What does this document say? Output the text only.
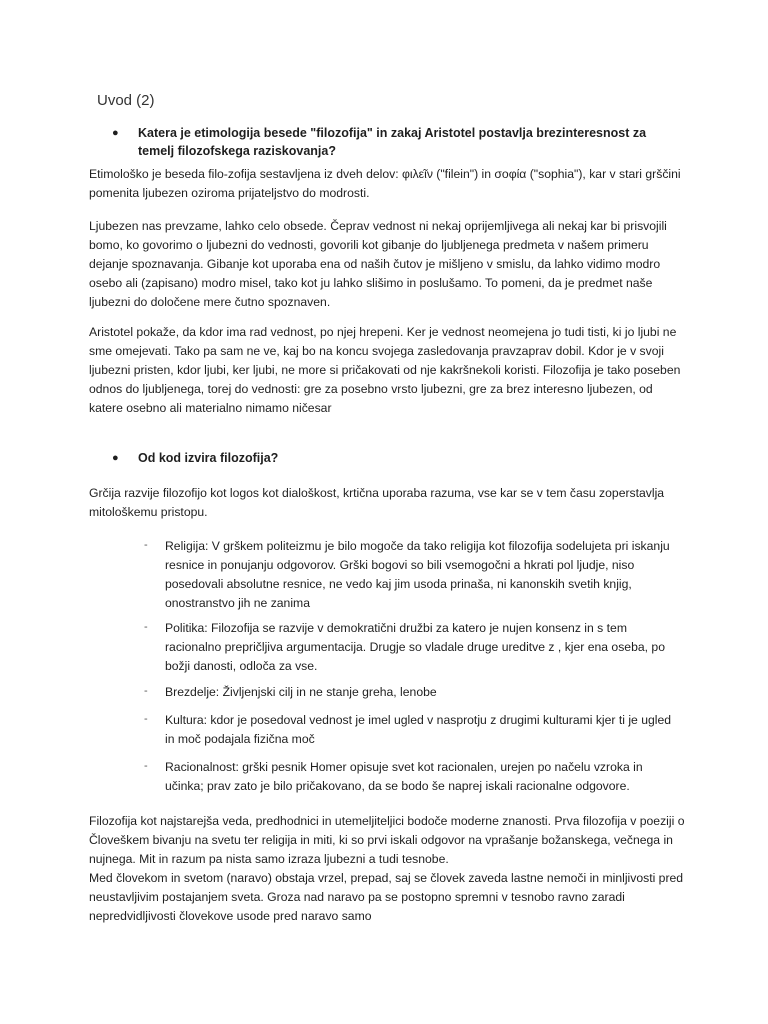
Uvod (2)
● Katera je etimologija besede "filozofija" in zakaj Aristotel postavlja brezinteresnost za temelj filozofskega raziskovanja?

Etimološko je beseda filo-zofija sestavljena iz dveh delov: φιλεῖν ("filein") in σοφία ("sophia"), kar v stari grščini pomenita ljubezen oziroma prijateljstvo do modrosti.

Ljubezen nas prevzame, lahko celo obsede. Čeprav vednost ni nekaj oprijemljivega ali nekaj kar bi prisvojili bomo, ko govorimo o ljubezni do vednosti, govorili kot gibanje do ljubljenega predmeta v našem primeru dejanje spoznavanja. Gibanje kot uporaba ena od naših čutov je mišljeno v smislu, da lahko vidimo modro osebo ali (zapisano) modro misel, tako kot ju lahko slišimo in poslušamo. To pomeni, da je predmet naše ljubezni do določene mere čutno spoznaven.

Aristotel pokaže, da kdor ima rad vednost, po njej hrepeni. Ker je vednost neomejena jo tudi tisti, ki jo ljubi ne sme omejevati. Tako pa sam ne ve, kaj bo na koncu svojega zasledovanja pravzaprav dobil. Kdor je v svoji ljubezni pristen, kdor ljubi, ker ljubi, ne more si pričakovati od nje kakršnekoli koristi. Filozofija je tako poseben odnos do ljubljenega, torej do vednosti: gre za posebno vrsto ljubezni, gre za brez interesno ljubezen, od katere osebno ali materialno nimamo ničesar

● Od kod izvira filozofija?

Grčija razvije filozofijo kot logos kot dialoškost, krtična uporaba razuma, vse kar se v tem času zoperstavlja mitološkemu pristopu.

- Religija: V grškem politeizmu je bilo mogoče da tako religija kot filozofija sodelujeta pri iskanju resnice in ponujanju odgovorov. Grški bogovi so bili vsemogočni a hkrati pol ljudje, niso posedovali absolutne resnice, ne vedo kaj jim usoda prinaša, ni kanonskih svetih knjig, onostranstvo jih ne zanima
- Politika: Filozofija se razvije v demokratični družbi za katero je nujen konsenz in s tem racionalno prepričljiva argumentacija. Drugje so vladale druge ureditve z , kjer ena oseba, po božji danosti, odloča za vse.
- Brezdelje: Življenjski cilj in ne stanje greha, lenobe
- Kultura: kdor je posedoval vednost je imel ugled v nasprotju z drugimi kulturami kjer ti je ugled in moč podajala fizična moč
- Racionalnost: grški pesnik Homer opisuje svet kot racionalen, urejen po načelu vzroka in učinka; prav zato je bilo pričakovano, da se bodo še naprej iskali racionalne odgovore.

Filozofija kot najstarejša veda, predhodnici in utemeljiteljici bodoče moderne znanosti. Prva filozofija v poeziji o Človeškem bivanju na svetu ter religija in miti, ki so prvi iskali odgovor na vprašanje božanskega, večnega in nujnega. Mit in razum pa nista samo izraza ljubezni a tudi tesnobe.

Med človekom in svetom (naravo) obstaja vrzel, prepad, saj se človek zaveda lastne nemoči in minljivosti pred neustavljivim postajanjem sveta. Groza nad naravo pa se postopno spremni v tesnobo ravno zaradi nepredvidljivosti človekove usode pred naravo samo
